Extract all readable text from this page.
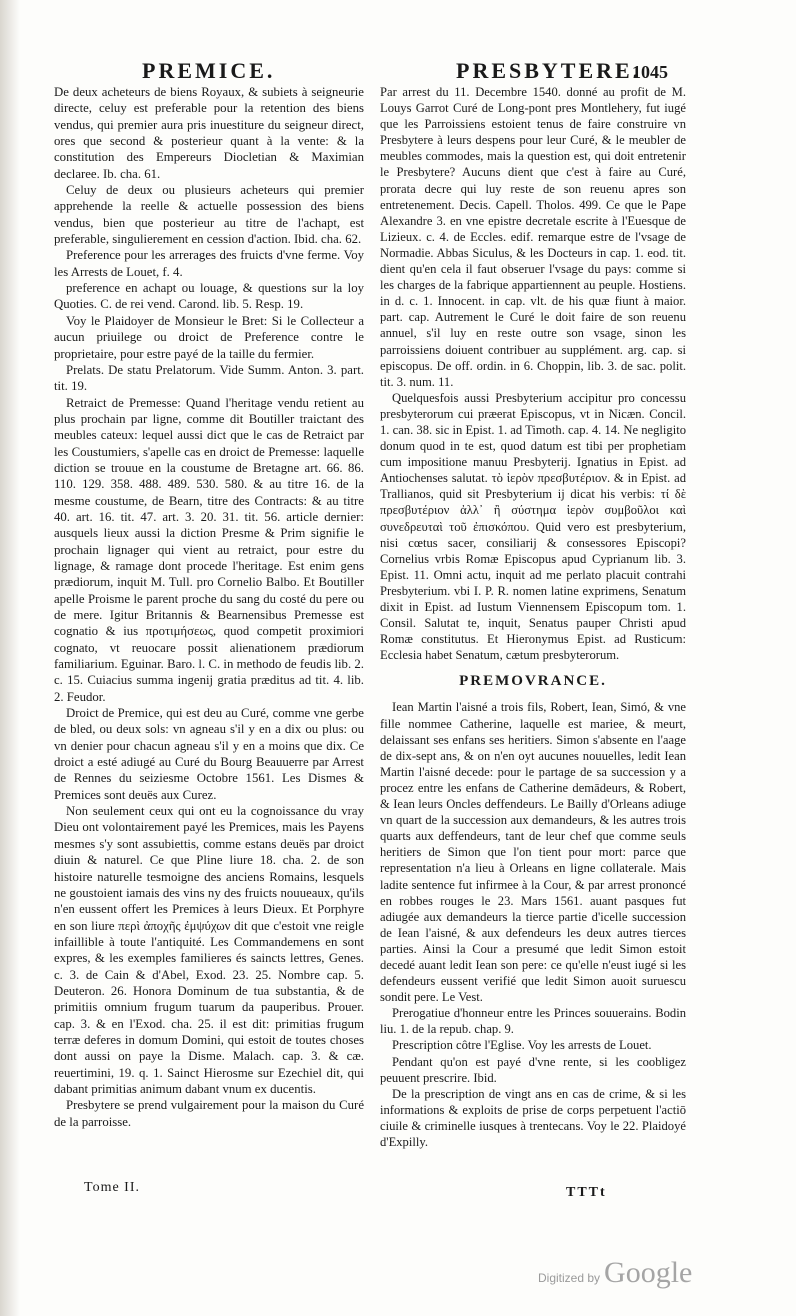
PREMICE.	PRESBYTERE.
1045

De deux acheteurs de biens Royaux, & subiets à seigneurie directe, celuy est preferable pour la retention des biens vendus, qui premier aura pris inuestiture du seigneur direct, ores que second & posterieur quant à la vente: & la constitution des Empereurs Diocletian & Maximian declaree. Ib. cha. 61.

Celuy de deux ou plusieurs acheteurs qui premier apprehende la reelle & actuelle possession des biens vendus, bien que posterieur au titre de l'achapt, est preferable, singulierement en cession d'action. Ibid. cha. 62.

Preference pour les arrerages des fruicts d'vne ferme. Voy les Arrests de Louet, f. 4.

preference en achapt ou louage, & questions sur la loy Quoties. C. de rei vend. Carond. lib. 5. Resp. 19.

Voy le Plaidoyer de Monsieur le Bret: Si le Collecteur a aucun priuilege ou droict de Preference contre le proprietaire, pour estre payé de la taille du fermier.

Prelats. De statu Prelatorum. Vide Summ. Anton. 3. part. tit. 19.

Retraict de Premesse: Quand l'heritage vendu retient au plus prochain par ligne, comme dit Boutiller traictant des meubles cateux: lequel aussi dict que le cas de Retraict par les Coustumiers, s'apelle cas en droict de Premesse: laquelle diction se trouue en la coustume de Bretagne art. 66. 86. 110. 129. 358. 488. 489. 530. 580. & au titre 16. de la mesme coustume, de Bearn, titre des Contracts: & au titre 40. art. 16. tit. 47. art. 3. 20. 31. tit. 56. article dernier: ausquels lieux aussi la diction Presme & Prim signifie le prochain lignager qui vient au retraict, pour estre du lignage, & ramage dont procede l'heritage. Est enim gens prædiorum, inquit M. Tull. pro Cornelio Balbo. Et Boutiller apelle Proisme le parent proche du sang du costé du pere ou de mere. Igitur Britannis & Bearnensibus Premesse est cognatio & ius προτιμήσεως, quod competit proximiori cognato, vt reuocare possit alienationem prædiorum familiarium. Eguinar. Baro. l. C. in methodo de feudis lib. 2. c. 15. Cuiacius summa ingenij gratia præditus ad tit. 4. lib. 2. Feudor.

Droict de Premice, qui est deu au Curé, comme vne gerbe de bled, ou deux sols: vn agneau s'il y en a dix ou plus: ou vn denier pour chacun agneau s'il y en a moins que dix. Ce droict a esté adiugé au Curé du Bourg Beauuerre par Arrest de Rennes du seiziesme Octobre 1561. Les Dismes & Premices sont deuës aux Curez.

Non seulement ceux qui ont eu la cognoissance du vray Dieu ont volontairement payé les Premices, mais les Payens mesmes s'y sont assubiettis, comme estans deuës par droict diuin & naturel. Ce que Pline liure 18. cha. 2. de son histoire naturelle tesmoigne des anciens Romains, lesquels ne goustoient iamais des vins ny des fruicts nouueaux, qu'ils n'en eussent offert les Premices à leurs Dieux. Et Porphyre en son liure περὶ ἀποχῆς ἐμψύχων dit que c'estoit vne reigle infaillible à toute l'antiquité. Les Commandemens en sont expres, & les exemples familieres és saincts lettres, Genes. c. 3. de Cain & d'Abel, Exod. 23. 25. Nombre cap. 5. Deuteron. 26. Honora Dominum de tua substantia, & de primitiis omnium frugum tuarum da pauperibus. Prouer. cap. 3. & en l'Exod. cha. 25. il est dit: primitias frugum terræ deferes in domum Domini, qui estoit de toutes choses dont aussi on paye la Disme. Malach. cap. 3. & cæ. reuertimini, 19. q. 1. Sainct Hierosme sur Ezechiel dit, qui dabant primitias animum dabant vnum ex ducentis.

Presbytere se prend vulgairement pour la maison du Curé de la parroisse.

Par arrest du 11. Decembre 1540. donné au profit de M. Louys Garrot Curé de Long-pont pres Montlehery, fut iugé que les Parroissiens estoient tenus de faire construire vn Presbytere à leurs despens pour leur Curé, & le meubler de meubles commodes, mais la question est, qui doit entretenir le Presbytere? Aucuns dient que c'est à faire au Curé, prorata decre qui luy reste de son reuenu apres son entretenement. Decis. Capell. Tholos. 499. Ce que le Pape Alexandre 3. en vne epistre decretale escrite à l'Euesque de Lizieux. c. 4. de Eccles. edif. remarque estre de l'vsage de Normadie. Abbas Siculus, & les Docteurs in cap. 1. eod. tit. dient qu'en cela il faut obseruer l'vsage du pays: comme si les charges de la fabrique appartiennent au peuple. Hostiens. in d. c. 1. Innocent. in cap. vlt. de his quæ fiunt à maior. part. cap. Autrement le Curé le doit faire de son reuenu annuel, s'il luy en reste outre son vsage, sinon les parroissiens doiuent contribuer au supplément. arg. cap. si episcopus. De off. ordin. in 6. Choppin, lib. 3. de sac. polit. tit. 3. num. 11.

Quelquesfois aussi Presbyterium accipitur pro concessu presbyterorum cui præerat Episcopus, vt in Nicæn. Concil. 1. can. 38. sic in Epist. 1. ad Timoth. cap. 4. 14. Ne negligito donum quod in te est, quod datum est tibi per prophetiam cum impositione manuu Presbyterij. Ignatius in Epist. ad Antiochenses salutat. τὸ ἱερὸν πρεσβυτέριον. & in Epist. ad Trallianos, quid sit Presbyterium ij dicat his verbis: τί δὲ πρεσβυτέριον ἀλλ᾽ ἢ σύστημα ἱερὸν συμβοῦλοι καὶ συνεδρευταὶ τοῦ ἐπισκόπου. Quid vero est presbyterium, nisi cœtus sacer, consiliarij & consessores Episcopi? Cornelius vrbis Romæ Episcopus apud Cyprianum lib. 3. Epist. 11. Omni actu, inquit ad me perlato placuit contrahi Presbyterium. vbi I. P. R. nomen latine exprimens, Senatum dixit in Epist. ad Iustum Viennensem Episcopum tom. 1. Consil. Salutat te, inquit, Senatus pauper Christi apud Romæ constitutus. Et Hieronymus Epist. ad Rusticum: Ecclesia habet Senatum, cætum presbyterorum.

PREMOVRANCE.

Iean Martin l'aisné a trois fils, Robert, Iean, Simó, & vne fille nommee Catherine, laquelle est mariee, & meurt, delaissant ses enfans ses heritiers. Simon s'absente en l'aage de dix-sept ans, & on n'en oyt aucunes nouuelles, ledit Iean Martin l'aisné decede: pour le partage de sa succession y a procez entre les enfans de Catherine demādeurs, & Robert, & Iean leurs Oncles deffendeurs. Le Bailly d'Orleans adiuge vn quart de la succession aux demandeurs, & les autres trois quarts aux deffendeurs, tant de leur chef que comme seuls heritiers de Simon que l'on tient pour mort: parce que representation n'a lieu à Orleans en ligne collaterale. Mais ladite sentence fut infirmee à la Cour, & par arrest prononcé en robbes rouges le 23. Mars 1561. auant pasques fut adiugée aux demandeurs la tierce partie d'icelle succession de Iean l'aisné, & aux defendeurs les deux autres tierces parties. Ainsi la Cour a presumé que ledit Simon estoit decedé auant ledit Iean son pere: ce qu'elle n'eust iugé si les defendeurs eussent verifié que ledit Simon auoit suruescu sondit pere. Le Vest.

Prerogatiue d'honneur entre les Princes souuerains. Bodin liu. 1. de la repub. chap. 9.

Prescription côtre l'Eglise. Voy les arrests de Louet.

Pendant qu'on est payé d'vne rente, si les coobligez peuuent prescrire. Ibid.

De la prescription de vingt ans en cas de crime, & si les informations & exploits de prise de corps perpetuent l'actiō ciuile & criminelle iusques à trentecans. Voy le 22. Plaidoyé d'Expilly.

Tome II.	TTTt
Digitized by Google
